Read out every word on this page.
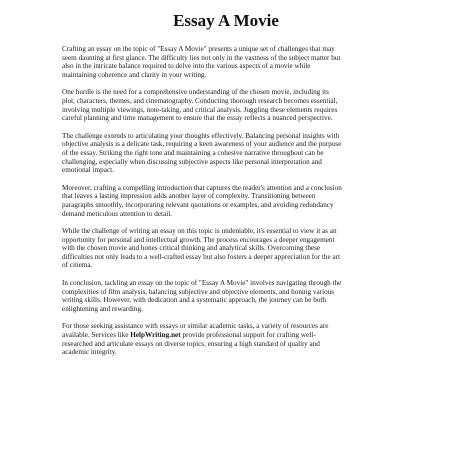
Essay A Movie

Crafting an essay on the topic of "Essay A Movie" presents a unique set of challenges that may
seem daunting at first glance. The difficulty lies not only in the vastness of the subject matter but
also in the intricate balance required to delve into the various aspects of a movie while
maintaining coherence and clarity in your writing.

One hurdle is the need for a comprehensive understanding of the chosen movie, including its
plot, characters, themes, and cinematography. Conducting thorough research becomes essential,
involving multiple viewings, note-taking, and critical analysis. Juggling these elements requires
careful planning and time management to ensure that the essay reflects a nuanced perspective.

The challenge extends to articulating your thoughts effectively. Balancing personal insights with
objective analysis is a delicate task, requiring a keen awareness of your audience and the purpose
of the essay. Striking the right tone and maintaining a cohesive narrative throughout can be
challenging, especially when discussing subjective aspects like personal interpretation and
emotional impact.

Moreover, crafting a compelling introduction that captures the reader's attention and a conclusion
that leaves a lasting impression adds another layer of complexity. Transitioning between
paragraphs smoothly, incorporating relevant quotations or examples, and avoiding redundancy
demand meticulous attention to detail.

While the challenge of writing an essay on this topic is undeniable, it's essential to view it as an
opportunity for personal and intellectual growth. The process encourages a deeper engagement
with the chosen movie and hones critical thinking and analytical skills. Overcoming these
difficulties not only leads to a well-crafted essay but also fosters a deeper appreciation for the art
of cinema.

In conclusion, tackling an essay on the topic of "Essay A Movie" involves navigating through the
complexities of film analysis, balancing subjective and objective elements, and honing various
writing skills. However, with dedication and a systematic approach, the journey can be both
enlightening and rewarding.

For those seeking assistance with essays or similar academic tasks, a variety of resources are
available. Services like HelpWriting.net provide professional support for crafting well-
researched and articulate essays on diverse topics, ensuring a high standard of quality and
academic integrity.
